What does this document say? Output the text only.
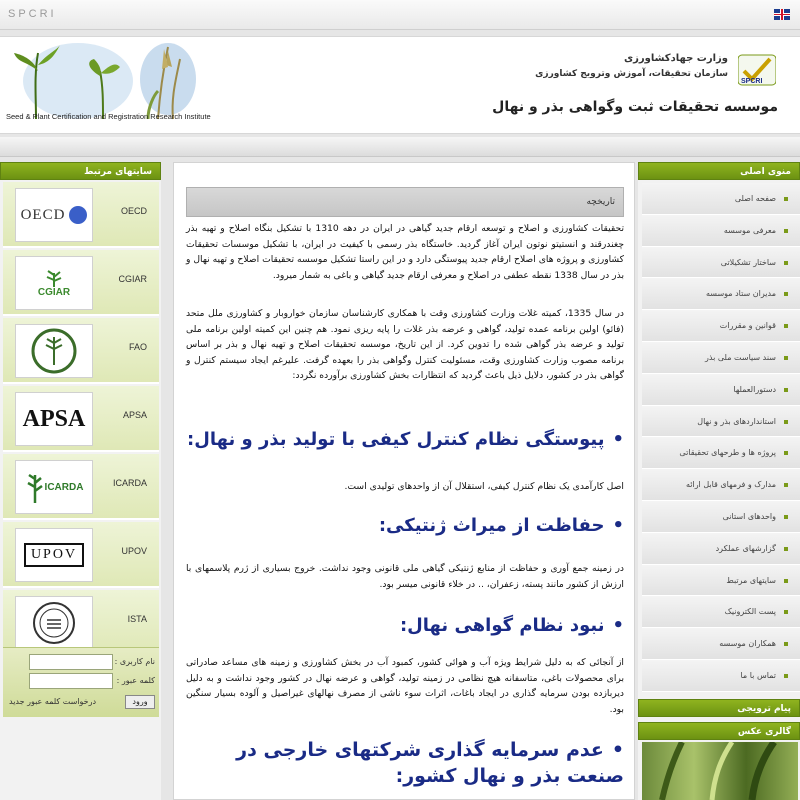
SPCRI
Seed & Plant Certification and Registration Research Institute
وزارت جهادکشاورزی
سازمان تحقیقات، آموزش وترویج کشاورزی
SPCRI
موسسه تحقیقات ثبت وگواهی بذر و نهال
سایتهای مرتبط
OECD	OECD
CGIAR
CGIAR
FAO
APSA	APSA
ICARDA	ICARDA
UPOV	UPOV
ISTA
نام کاربری :
کلمه عبور :
ورود
درخواست کلمه عبور جدید
تاریخچه
تحقیقات کشاورزی و اصلاح و توسعه ارقام جدید گیاهی در ایران در دهه 1310 با تشکیل بنگاه اصلاح و تهیه بذر چغندرقند و انستیتو نوتون ایران آغاز گردید. خاستگاه بذر رسمی با کیفیت در ایران، با تشکیل موسسات تحقیقات کشاورزی و پروژه های اصلاح ارقام جدید پیوستگی دارد و در این راستا تشکیل موسسه تحقیقات اصلاح و تهیه نهال و بذر در سال 1338 نقطه عطفی در اصلاح و معرفی ارقام جدید گیاهی و باغی به شمار میرود.
در سال 1335، کمیته غلات وزارت کشاورزی وقت با همکاری کارشناسان سازمان خواروبار و کشاورزی ملل متحد (فائو) اولین برنامه عمده تولید، گواهی و عرضه بذر غلات را پایه ریزی نمود. هم چنین این کمیته اولین برنامه ملی تولید و عرضه بذر گواهی شده را تدوین کرد. از این تاریخ، موسسه تحقیقات اصلاح و تهیه نهال و بذر بر اساس برنامه مصوب وزارت کشاورزی وقت، مسئولیت کنترل وگواهی بذر را بعهده گرفت. علیرغم ایجاد سیستم کنترل و گواهی بذر در کشور، دلایل ذیل باعث گردید که انتظارات بخش کشاورزی برآورده نگردد:
•پیوستگی نظام کنترل کیفی با تولید بذر و نهال:
اصل کارآمدی یک نظام کنترل کیفی، استقلال آن از واحدهای تولیدی است.
•حفاظت از میراث ژنتیکی:
در زمینه جمع آوری و حفاظت از منابع ژنتیکی گیاهی ملی قانونی وجود نداشت. خروج بسیاری از ژرم پلاسمهای با ارزش از کشور مانند پسته، زعفران، .. در خلاء قانونی میسر بود.
•نبود نظام گواهی نهال:
از آنجائی که به دلیل شرایط ویژه آب و هوائی کشور، کمبود آب در بخش کشاورزی و زمینه های مساعد صادراتی برای محصولات باغی، متاسفانه هیچ نظامی در زمینه تولید، گواهی و عرضه نهال در کشور وجود نداشت و به دلیل دیربازده بودن سرمایه گذاری در ایجاد باغات، اثرات سوء ناشی از مصرف نهالهای غیراصیل و آلوده بسیار سنگین بود.
•عدم سرمایه گذاری شرکتهای خارجی در صنعت بذر و نهال کشور:
منوی اصلی
صفحه اصلی
معرفی موسسه
ساختار تشکیلاتی
مدیران ستاد موسسه
قوانین و مقررات
سند سیاست ملی بذر
دستورالعملها
استانداردهای بذر و نهال
پروژه ها و طرحهای تحقیقاتی
مدارک و فرمهای قابل ارائه
واحدهای استانی
گزارشهای عملکرد
سایتهای مرتبط
پست الکترونیک
همکاران موسسه
تماس با ما
پیام ترویجی
گالری عکس
